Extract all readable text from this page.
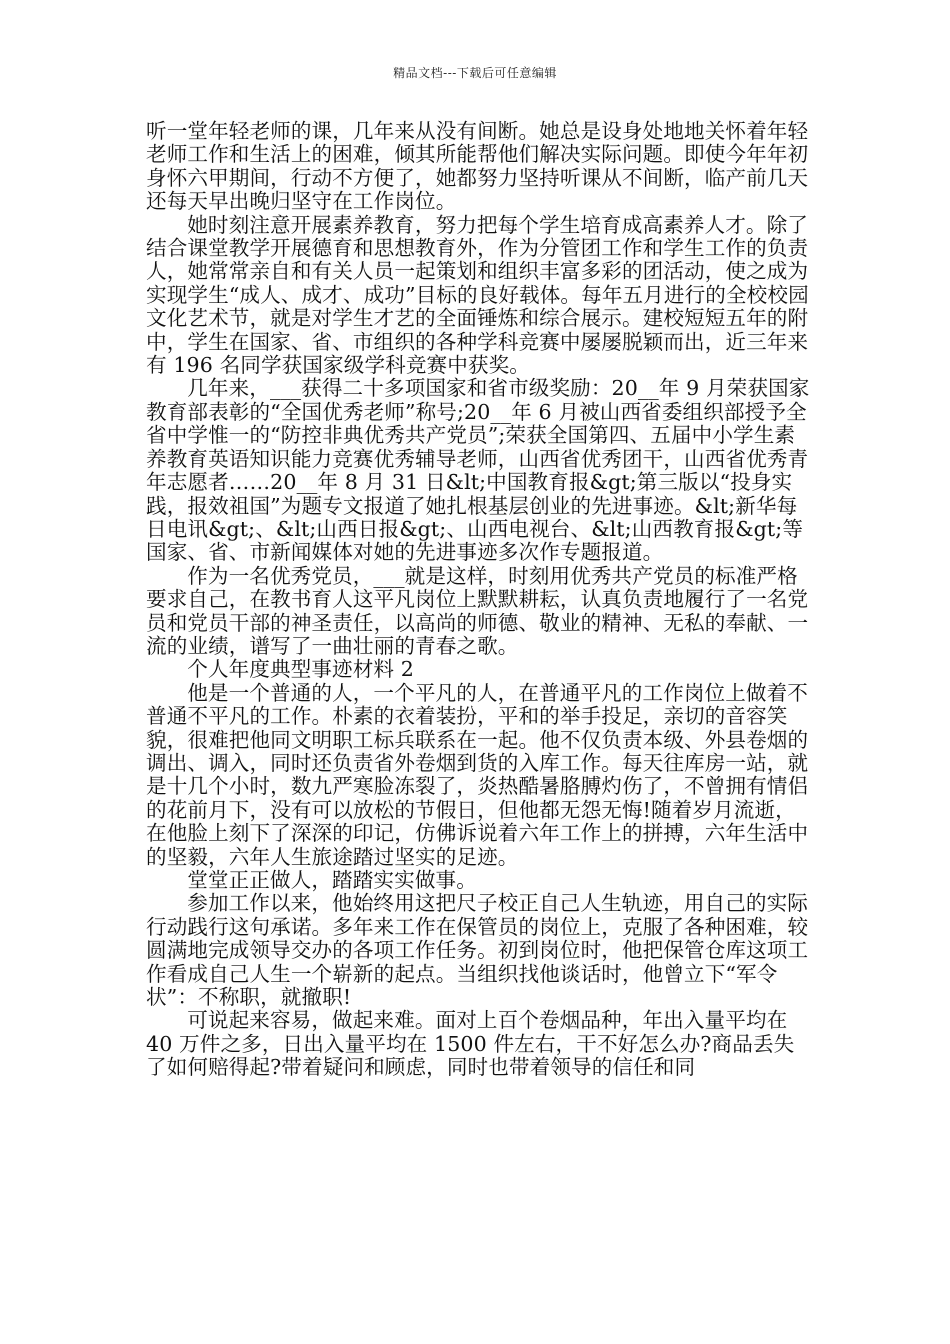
精品文档---下载后可任意编辑

听一堂年轻老师的课，几年来从没有间断。她总是设身处地地关怀着年轻老师工作和生活上的困难，倾其所能帮他们解决实际问题。即使今年年初身怀六甲期间，行动不方便了，她都努力坚持听课从不间断，临产前几天还每天早出晚归坚守在工作岗位。

她时刻注意开展素养教育，努力把每个学生培育成高素养人才。除了结合课堂教学开展德育和思想教育外，作为分管团工作和学生工作的负责人，她常常亲自和有关人员一起策划和组织丰富多彩的团活动，使之成为实现学生“成人、成才、成功”目标的良好载体。每年五月进行的全校校园文化艺术节，就是对学生才艺的全面锤炼和综合展示。建校短短五年的附中，学生在国家、省、市组织的各种学科竞赛中屡屡脱颖而出，近三年来有 196 名同学获国家级学科竞赛中获奖。

几年来，___获得二十多项国家和省市级奖励：20__年 9 月荣获国家教育部表彰的“全国优秀老师”称号;20__年 6 月被山西省委组织部授予全省中学惟一的“防控非典优秀共产党员”;荣获全国第四、五届中小学生素养教育英语知识能力竞赛优秀辅导老师，山西省优秀团干，山西省优秀青年志愿者……20__年 8 月 31 日&lt;中国教育报&gt;第三版以“投身实践，报效祖国”为题专文报道了她扎根基层创业的先进事迹。&lt;新华每日电讯&gt;、&lt;山西日报&gt;、山西电视台、&lt;山西教育报&gt;等国家、省、市新闻媒体对她的先进事迹多次作专题报道。

作为一名优秀党员，___就是这样，时刻用优秀共产党员的标准严格要求自己，在教书育人这平凡岗位上默默耕耘，认真负责地履行了一名党员和党员干部的神圣责任，以高尚的师德、敬业的精神、无私的奉献、一流的业绩，谱写了一曲壮丽的青春之歌。

个人年度典型事迹材料 2

他是一个普通的人，一个平凡的人，在普通平凡的工作岗位上做着不普通不平凡的工作。朴素的衣着装扮，平和的举手投足，亲切的音容笑貌，很难把他同文明职工标兵联系在一起。他不仅负责本级、外县卷烟的调出、调入，同时还负责省外卷烟到货的入库工作。每天往库房一站，就是十几个小时，数九严寒脸冻裂了，炎热酷暑胳膊灼伤了，不曾拥有情侣的花前月下，没有可以放松的节假日，但他都无怨无悔!随着岁月流逝，在他脸上刻下了深深的印记，仿佛诉说着六年工作上的拼搏，六年生活中的坚毅，六年人生旅途踏过坚实的足迹。

堂堂正正做人，踏踏实实做事。

参加工作以来，他始终用这把尺子校正自己人生轨迹，用自己的实际行动践行这句承诺。多年来工作在保管员的岗位上，克服了各种困难，较圆满地完成领导交办的各项工作任务。初到岗位时，他把保管仓库这项工作看成自己人生一个崭新的起点。当组织找他谈话时，他曾立下“军令状”：不称职，就撤职!

可说起来容易，做起来难。面对上百个卷烟品种，年出入量平均在 40 万件之多，日出入量平均在 1500 件左右，干不好怎么办?商品丢失了如何赔得起?带着疑问和顾虑，同时也带着领导的信任和同
